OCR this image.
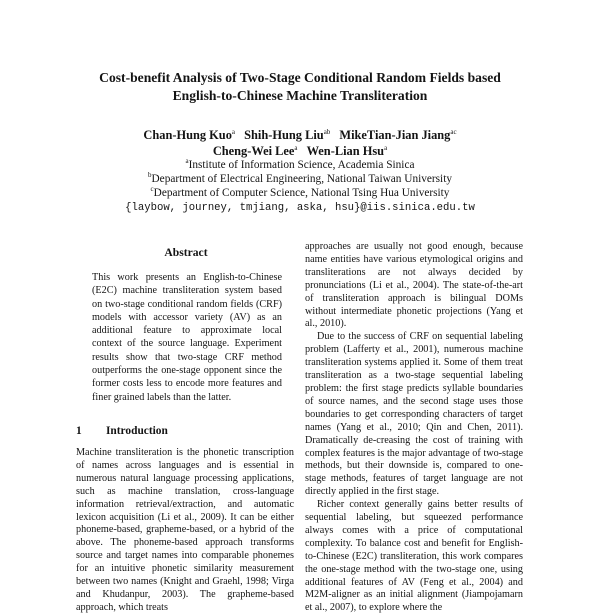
Cost-benefit Analysis of Two-Stage Conditional Random Fields based
English-to-Chinese Machine Transliteration
Chan-Hung Kuo$^a$ Shih-Hung Liu$^{ab}$ MikeTian-Jian Jiang$^{ac}$
Cheng-Wei Lee$^a$ Wen-Lian Hsu$^a$
$^a$Institute of Information Science, Academia Sinica
$^b$Department of Electrical Engineering, National Taiwan University
$^c$Department of Computer Science, National Tsing Hua University
{laybow, journey, tmjiang, aska, hsu}@iis.sinica.edu.tw
Abstract
This work presents an English-to-Chinese (E2C) machine transliteration system based on two-stage conditional random fields (CRF) models with accessor variety (AV) as an additional feature to approximate local context of the source language. Experiment results show that two-stage CRF method outperforms the one-stage opponent since the former costs less to encode more features and finer grained labels than the latter.
1 Introduction
Machine transliteration is the phonetic transcription of names across languages and is essential in numerous natural language processing applications, such as machine translation, cross-language information retrieval/extraction, and automatic lexicon acquisition (Li et al., 2009). It can be either phoneme-based, grapheme-based, or a hybrid of the above. The phoneme-based approach transforms source and target names into comparable phonemes for an intuitive phonetic similarity measurement between two names (Knight and Graehl, 1998; Virga and Khudanpur, 2003). The grapheme-based approach, which treats

approaches are usually not good enough, because name entities have various etymological origins and transliterations are not always decided by pronunciations (Li et al., 2004). The state-of-the-art of transliteration approach is bilingual DOMs without intermediate phonetic projections (Yang et al., 2010).

Due to the success of CRF on sequential labeling problem (Lafferty et al., 2001), numerous machine transliteration systems applied it. Some of them treat transliteration as a two-stage sequential labeling problem: the first stage predicts syllable boundaries of source names, and the second stage uses those boundaries to get corresponding characters of target names (Yang et al., 2010; Qin and Chen, 2011). Dramatically de-creasing the cost of training with complex features is the major advantage of two-stage methods, but their downside is, compared to one-stage methods, features of target language are not directly applied in the first stage.

Richer context generally gains better results of sequential labeling, but squeezed performance always comes with a price of computational complexity. To balance cost and benefit for English-to-Chinese (E2C) transliteration, this work compares the one-stage method with the two-stage one, using additional features of AV (Feng et al., 2004) and M2M-aligner as an initial alignment (Jiampojamarn et al., 2007), to explore where the
